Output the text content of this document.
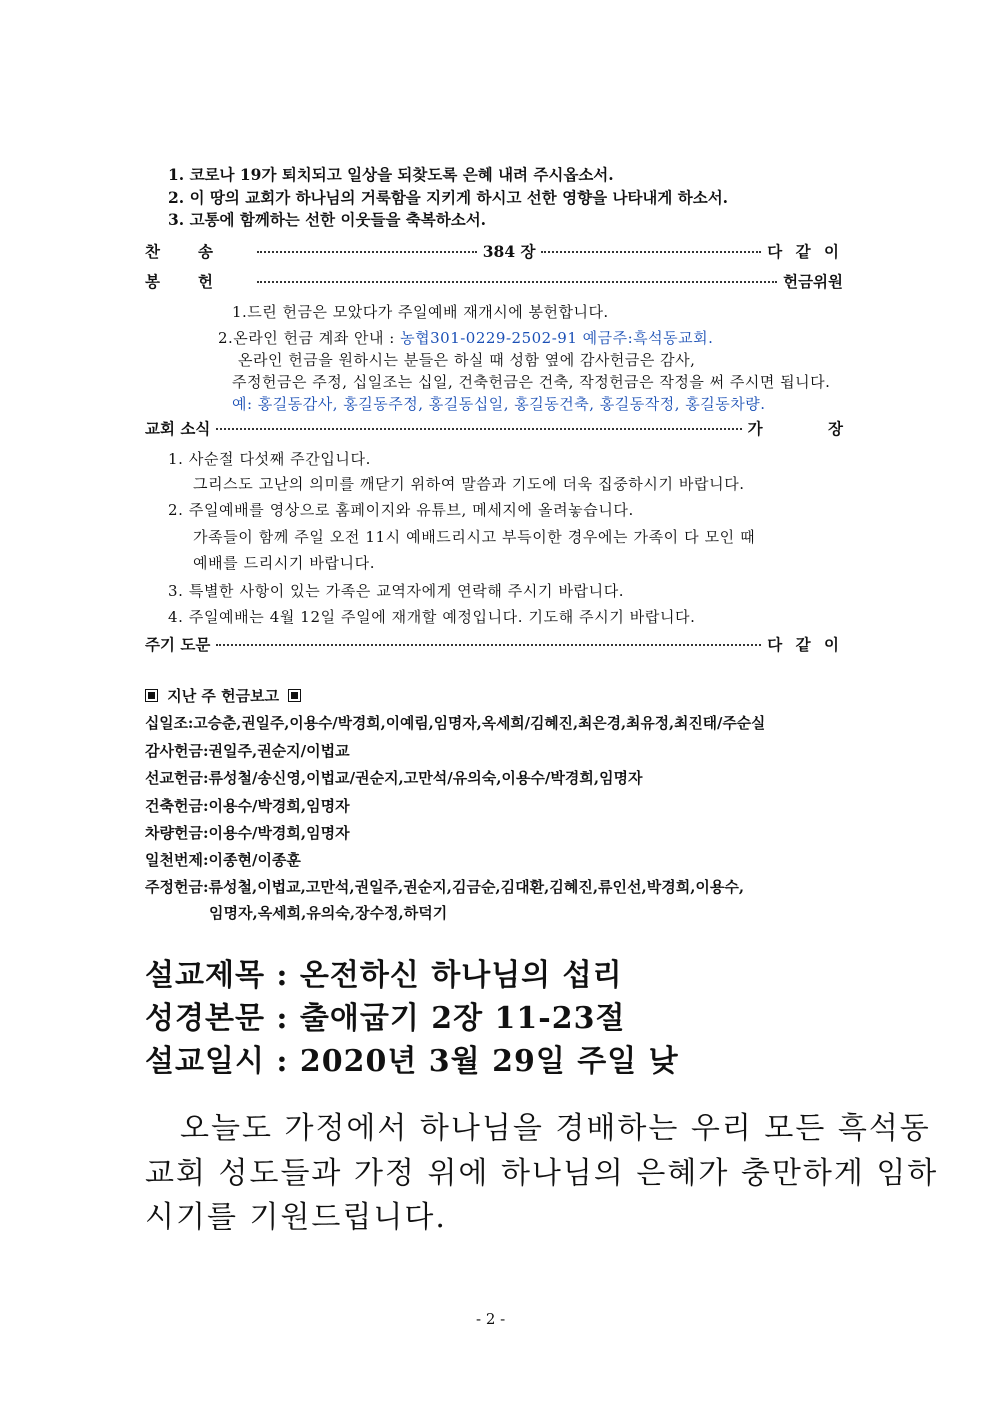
1. 코로나 19가 퇴치되고 일상을 되찾도록 은혜 내려 주시옵소서.
2. 이 땅의 교회가 하나님의 거룩함을 지키게 하시고 선한 영향을 나타내게 하소서.
3. 고통에 함께하는 선한 이웃들을 축복하소서.
찬송	384 장	다 같 이
봉헌	헌금위원
1.드린 헌금은 모았다가 주일예배 재개시에 봉헌합니다.
2.온라인 헌금 계좌 안내 : 농협301-0229-2502-91 예금주:흑석동교회.
온라인 헌금을 원하시는 분들은 하실 때 성함 옆에 감사헌금은 감사,
주정헌금은 주정, 십일조는 십일, 건축헌금은 건축, 작정헌금은 작정을 써 주시면 됩니다.
예: 홍길동감사, 홍길동주정, 홍길동십일, 홍길동건축, 홍길동작정, 홍길동차량.
교회 소식	가 장
1. 사순절 다섯째 주간입니다.
그리스도 고난의 의미를 깨닫기 위하여 말씀과 기도에 더욱 집중하시기 바랍니다.
2. 주일예배를 영상으로 홈페이지와 유튜브, 메세지에 올려놓습니다.
가족들이 함께 주일 오전 11시 예배드리시고 부득이한 경우에는 가족이 다 모인 때
예배를 드리시기 바랍니다.
3. 특별한 사항이 있는 가족은 교역자에게 연락해 주시기 바랍니다.
4. 주일예배는 4월 12일 주일에 재개할 예정입니다. 기도해 주시기 바랍니다.
주기 도문	다 같 이
지난 주 헌금보고
십일조:고승춘,권일주,이용수/박경희,이예림,임명자,옥세희/김혜진,최은경,최유정,최진태/주순실
감사헌금:권일주,권순지/이법교
선교헌금:류성철/송신영,이법교/권순지,고만석/유의숙,이용수/박경희,임명자
건축헌금:이용수/박경희,임명자
차량헌금:이용수/박경희,임명자
일천번제:이종현/이종훈
주정헌금:류성철,이법교,고만석,권일주,권순지,김금순,김대환,김혜진,류인선,박경희,이용수,
임명자,옥세희,유의숙,장수정,하덕기
설교제목 : 온전하신 하나님의 섭리
성경본문 : 출애굽기 2장 11-23절
설교일시 : 2020년 3월 29일 주일 낮
오늘도 가정에서 하나님을 경배하는 우리 모든 흑석동
교회 성도들과 가정 위에 하나님의 은혜가 충만하게 임하
시기를 기원드립니다.
- 2 -
